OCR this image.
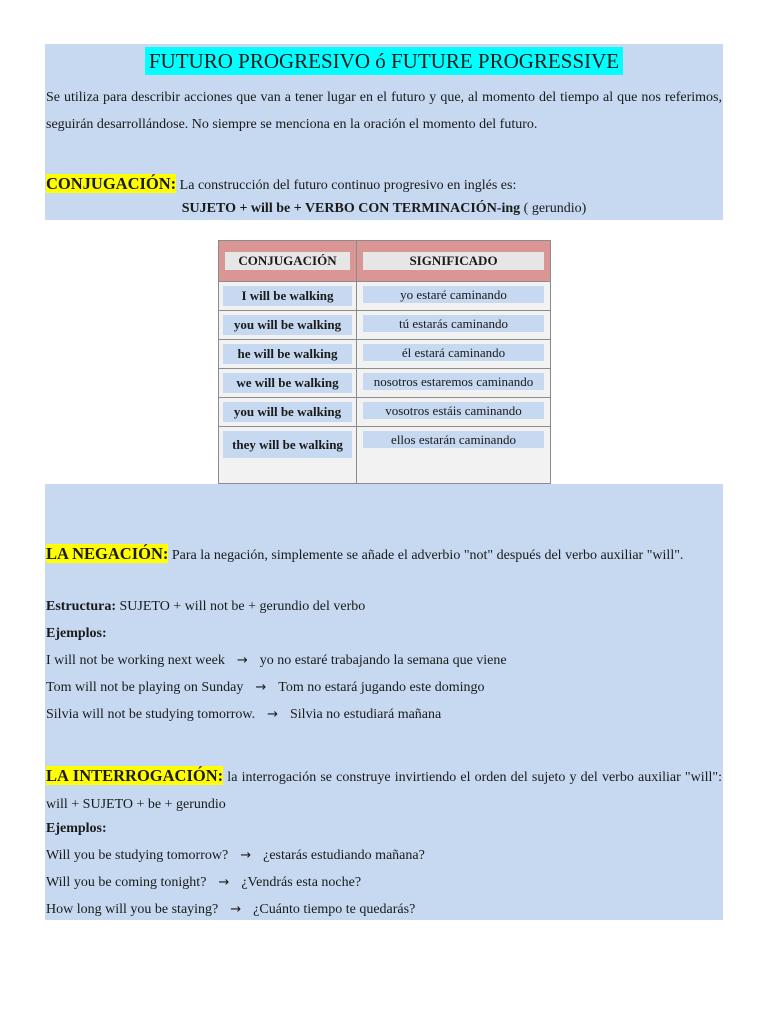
FUTURO PROGRESIVO ó FUTURE PROGRESSIVE
Se utiliza para describir acciones que van a tener lugar en el futuro y que, al momento del tiempo al que nos referimos, seguirán desarrollándose. No siempre se menciona en la oración el momento del futuro.
CONJUGACIÓN: La construcción del futuro continuo progresivo en inglés es:
SUJETO + will be + VERBO CON TERMINACIÓN-ing ( gerundio)
CONJUGACIÓN	SIGNIFICADO

I will be walking	yo estaré caminando

you will be walking	tú estarás caminando

he will be walking	él estará caminando

we will be walking	nosotros estaremos caminando

you will be walking	vosotros estáis caminando

they will be walking	ellos estarán caminando
LA NEGACIÓN: Para la negación, simplemente se añade el adverbio "not" después del verbo auxiliar "will".
Estructura: SUJETO + will not be + gerundio del verbo
Ejemplos:
I will not be working next week → yo no estaré trabajando la semana que viene
Tom will not be playing on Sunday → Tom no estará jugando este domingo
Silvia will not be studying tomorrow. → Silvia no estudiará mañana
LA INTERROGACIÓN: la interrogación se construye invirtiendo el orden del sujeto y del verbo auxiliar "will": will + SUJETO + be + gerundio
Ejemplos:
Will you be studying tomorrow? → ¿estarás estudiando mañana?
Will you be coming tonight? → ¿Vendrás esta noche?
How long will you be staying? → ¿Cuánto tiempo te quedarás?
